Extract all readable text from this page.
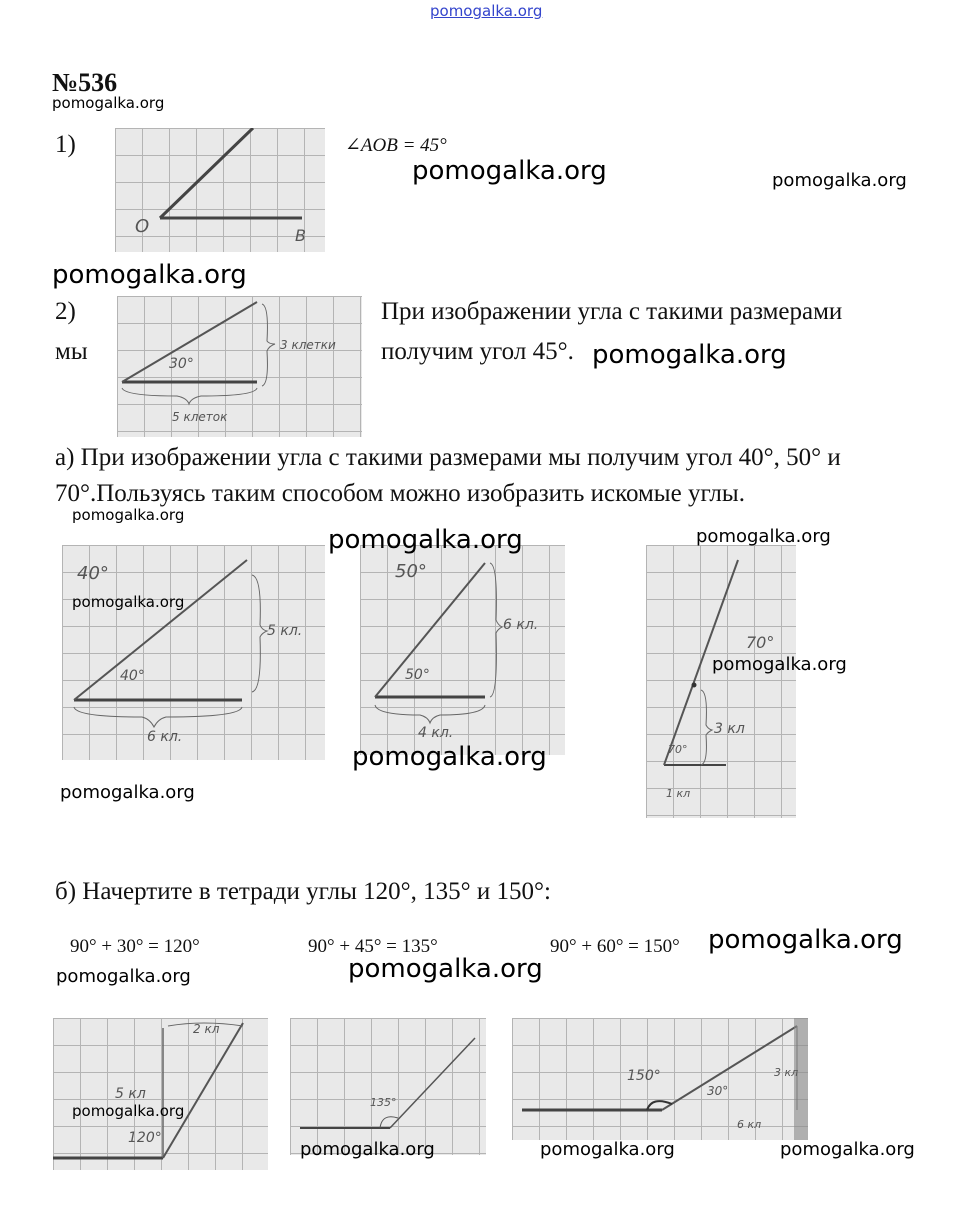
pomogalka.org
№536
pomogalka.org
1)
O	B
∠AOB = 45°
pomogalka.org	pomogalka.org
pomogalka.org
2)
мы	30°
3 клетки
5 клеток
При изображении угла с такими размерами
получим угол 45°. pomogalka.org
а) При изображении угла с такими размерами мы получим угол 40°, 50° и
70°.Пользуясь таким способом можно изобразить искомые углы.
pomogalka.org
40°
40°
5 кл.
6 кл.
50°
50°
6 кл.
4 кл.
70°
70°
3 кл
1 кл
pomogalka.org	pomogalka.org
pomogalka.org
pomogalka.org
pomogalka.org
pomogalka.org
б) Начертите в тетради углы 120°, 135° и 150°:
90° + 30° = 120°	90° + 45° = 135°	90° + 60° = 150° pomogalka.org
pomogalka.org	pomogalka.org
5 кл
2 кл
120°
135°
150°
30°
3 кл
6 кл
pomogalka.org
pomogalka.org	pomogalka.org	pomogalka.org
